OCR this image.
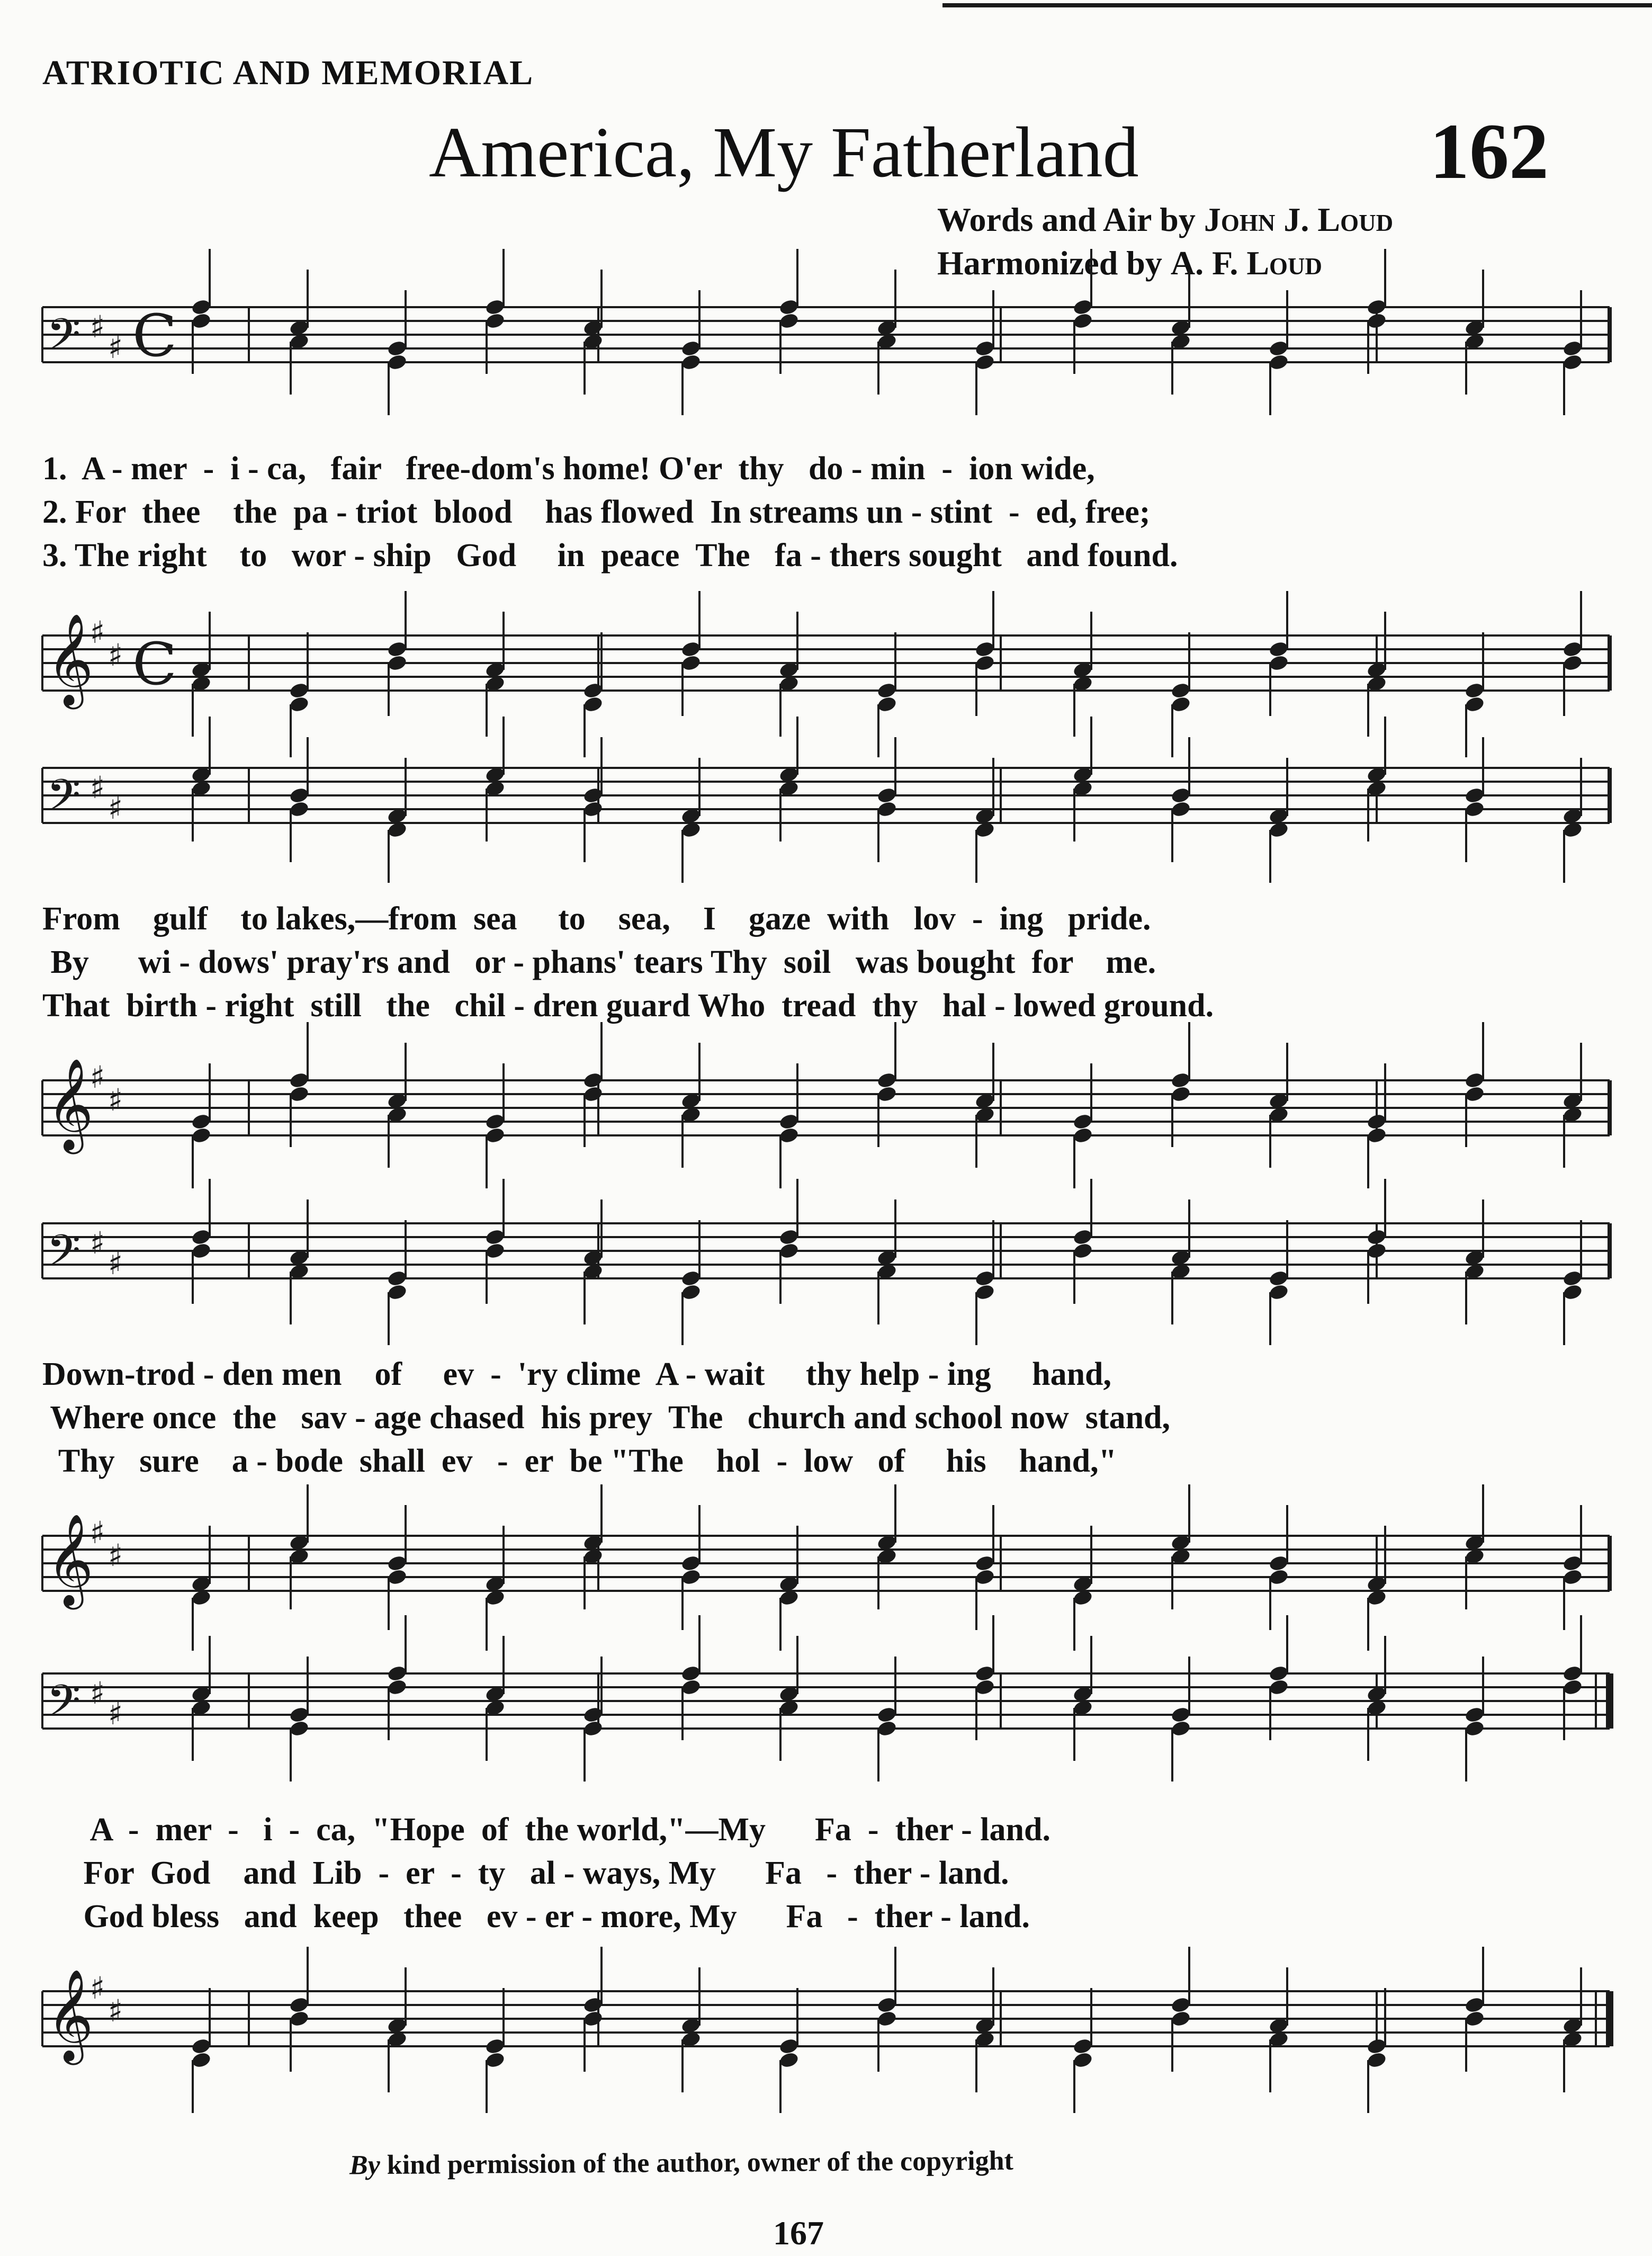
ATRIOTIC AND MEMORIAL
America, My Fatherland	162
Words and Air by John J. Loud
Harmonized by A. F. Loud
𝄢 ♯
♯ C
1.  A - mer  -  i - ca,   fair   free-dom's home! O'er  thy   do - min  -  ion wide,
2. For  thee    the  pa - triot  blood    has flowed  In streams un - stint  -  ed, free;
3. The right    to   wor - ship   God     in  peace  The   fa - thers sought   and found.
𝄞
♯
♯ C
𝄢 ♯
♯
From    gulf    to lakes,—from  sea     to    sea,    I    gaze  with   lov  -  ing   pride.
By      wi - dows' pray'rs and   or - phans' tears Thy  soil   was bought  for    me.
That  birth - right  still   the   chil - dren guard Who  tread  thy   hal - lowed ground.
𝄞
♯
♯
𝄢 ♯
♯
Down-trod - den men    of     ev  -  'ry clime  A - wait     thy help - ing     hand,
Where once  the   sav - age chased  his prey  The   church and school now  stand,
Thy   sure    a - bode  shall  ev   -  er  be "The    hol  -  low   of     his    hand,"
𝄞
♯
♯
𝄢 ♯
♯
A  -  mer  -   i  -  ca,  "Hope  of  the world,"—My      Fa  -  ther - land.
For  God    and  Lib  -  er  -  ty   al - ways, My      Fa   -  ther - land.
God bless   and  keep   thee   ev - er - more, My      Fa   -  ther - land.
𝄞
♯
♯
By kind permission of the author, owner of the copyright
167
